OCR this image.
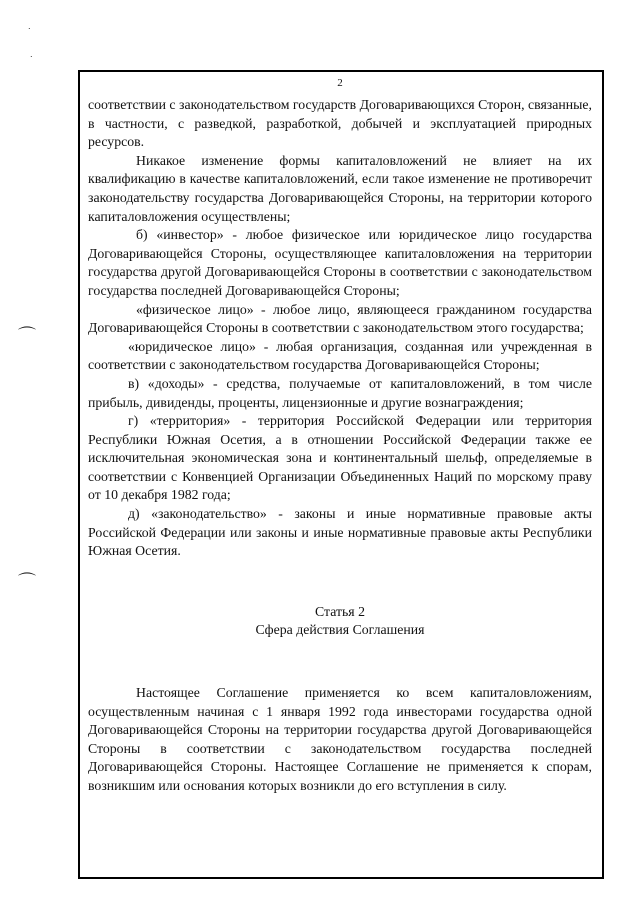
.
.
⌒
⌒
2

соответствии с законодательством государств Договаривающихся Сторон, связанные, в частности, с разведкой, разработкой, добычей и эксплуатацией природных ресурсов.

Никакое изменение формы капиталовложений не влияет на их квалификацию в качестве капиталовложений, если такое изменение не противоречит законодательству государства Договаривающейся Стороны, на территории которого капиталовложения осуществлены;

б) «инвестор» - любое физическое или юридическое лицо государства Договаривающейся Стороны, осуществляющее капиталовложения на территории государства другой Договаривающейся Стороны в соответствии с законодательством государства последней Договаривающейся Стороны;

«физическое лицо» - любое лицо, являющееся гражданином государства Договаривающейся Стороны в соответствии с законодательством этого государства;

«юридическое лицо» - любая организация, созданная или учрежденная в соответствии с законодательством государства Договаривающейся Стороны;

в) «доходы» - средства, получаемые от капиталовложений, в том числе прибыль, дивиденды, проценты, лицензионные и другие вознаграждения;

г) «территория» - территория Российской Федерации или территория Республики Южная Осетия, а в отношении Российской Федерации также ее исключительная экономическая зона и континентальный шельф, определяемые в соответствии с Конвенцией Организации Объединенных Наций по морскому праву от 10 декабря 1982 года;

д) «законодательство» - законы и иные нормативные правовые акты Российской Федерации или законы и иные нормативные правовые акты Республики Южная Осетия.

Статья 2

Сфера действия Соглашения

Настоящее Соглашение применяется ко всем капиталовложениям, осуществленным начиная с 1 января 1992 года инвесторами государства одной Договаривающейся Стороны на территории государства другой Договаривающейся Стороны в соответствии с законодательством государства последней Договаривающейся Стороны. Настоящее Соглашение не применяется к спорам, возникшим или основания которых возникли до его вступления в силу.
